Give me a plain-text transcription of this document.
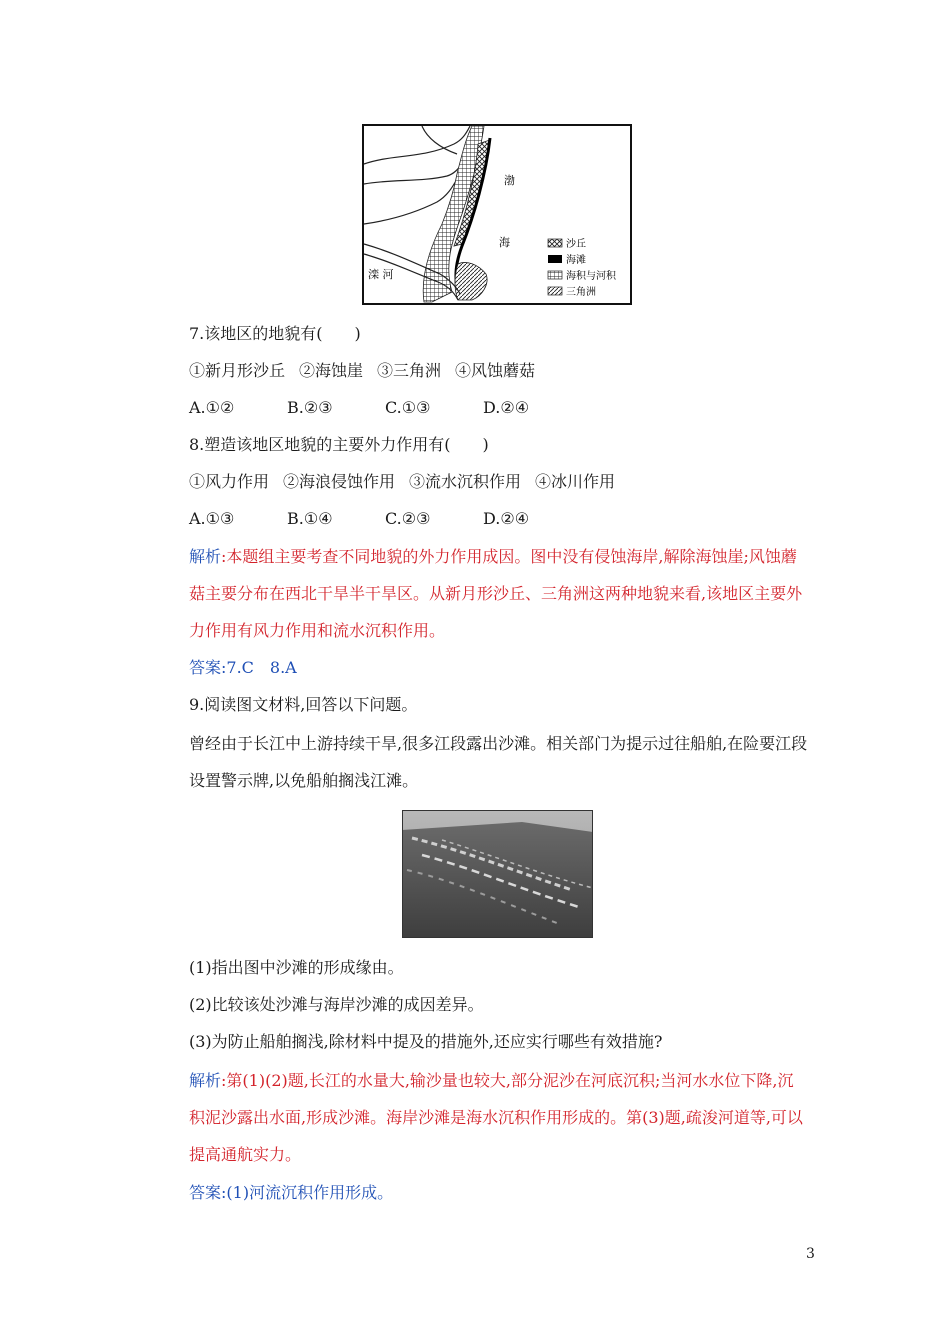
渤
海
滦 河
沙丘
海滩
海积与河积
三角洲
7.该地区的地貌有(　　)
①新月形沙丘 ②海蚀崖 ③三角洲 ④风蚀蘑菇
A.①②	B.②③	C.①③	D.②④
8.塑造该地区地貌的主要外力作用有(　　)
①风力作用 ②海浪侵蚀作用 ③流水沉积作用 ④冰川作用
A.①③	B.①④	C.②③	D.②④
解析:本题组主要考查不同地貌的外力作用成因。图中没有侵蚀海岸,解除海蚀崖;风蚀蘑菇主要分布在西北干旱半干旱区。从新月形沙丘、三角洲这两种地貌来看,该地区主要外力作用有风力作用和流水沉积作用。
答案:7.C　8.A
9.阅读图文材料,回答以下问题。
曾经由于长江中上游持续干旱,很多江段露出沙滩。相关部门为提示过往船舶,在险要江段设置警示牌,以免船舶搁浅江滩。
(1)指出图中沙滩的形成缘由。
(2)比较该处沙滩与海岸沙滩的成因差异。
(3)为防止船舶搁浅,除材料中提及的措施外,还应实行哪些有效措施?
解析:第(1)(2)题,长江的水量大,输沙量也较大,部分泥沙在河底沉积;当河水水位下降,沉积泥沙露出水面,形成沙滩。海岸沙滩是海水沉积作用形成的。第(3)题,疏浚河道等,可以提高通航实力。
答案:(1)河流沉积作用形成。
3
